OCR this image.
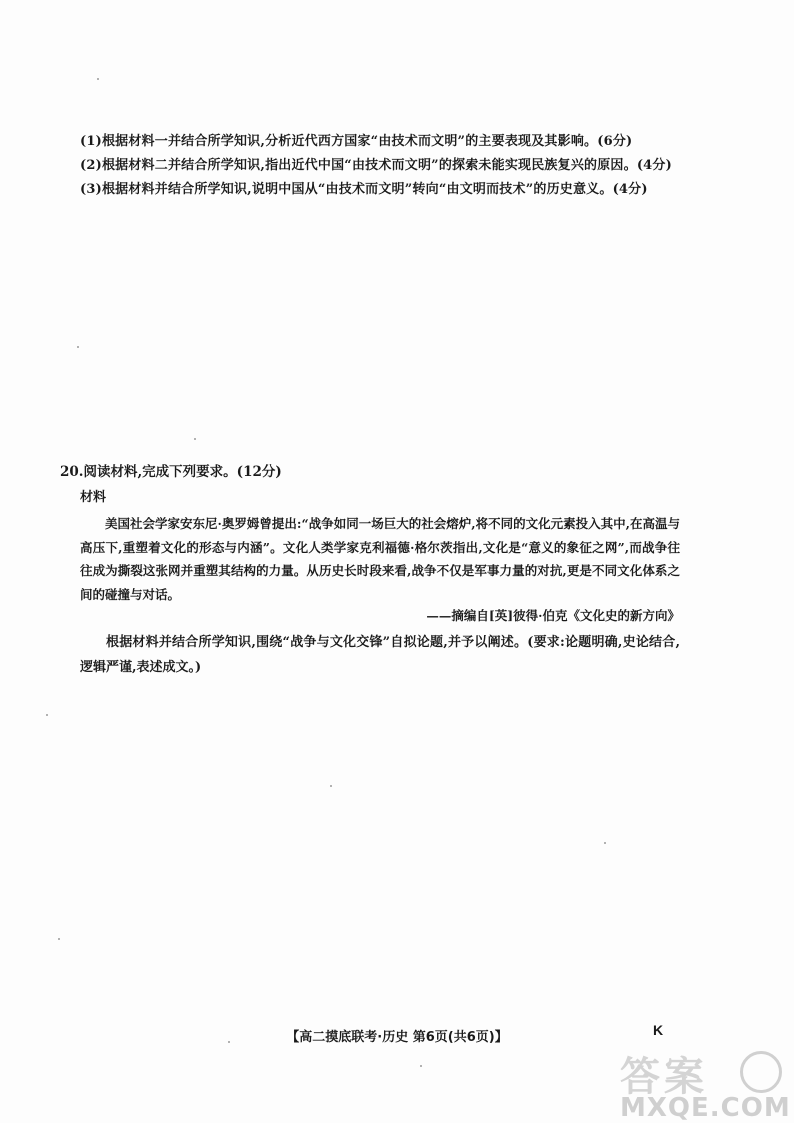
(1)根据材料一并结合所学知识,分析近代西方国家“由技术而文明”的主要表现及其影响。(6分)
(2)根据材料二并结合所学知识,指出近代中国“由技术而文明”的探索未能实现民族复兴的原因。(4分)
(3)根据材料并结合所学知识,说明中国从“由技术而文明”转向“由文明而技术”的历史意义。(4分)
20.阅读材料,完成下列要求。(12分)
材料
美国社会学家安东尼·奥罗姆曾提出:“战争如同一场巨大的社会熔炉,将不同的文化元素投入其中,在高温与高压下,重塑着文化的形态与内涵”。文化人类学家克利福德·格尔茨指出,文化是“意义的象征之网”,而战争往往成为撕裂这张网并重塑其结构的力量。从历史长时段来看,战争不仅是军事力量的对抗,更是不同文化体系之间的碰撞与对话。
——摘编自[英]彼得·伯克《文化史的新方向》
根据材料并结合所学知识,围绕“战争与文化交锋”自拟论题,并予以阐述。(要求:论题明确,史论结合,逻辑严谨,表述成文。)
【高二摸底联考·历史 第6页(共6页)】	K
答案
MXQE.COM
